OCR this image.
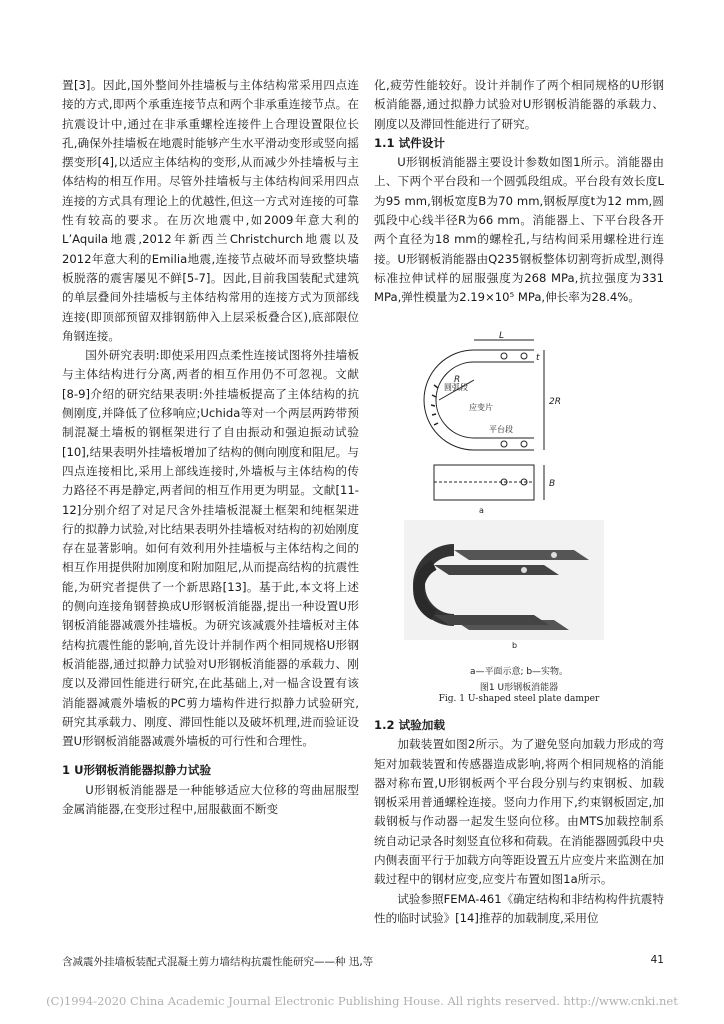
置[3]。因此,国外整间外挂墙板与主体结构常采用四点连接的方式,即两个承重连接节点和两个非承重连接节点。在抗震设计中,通过在非承重螺栓连接件上合理设置限位长孔,确保外挂墙板在地震时能够产生水平滑动变形或竖向摇摆变形[4],以适应主体结构的变形,从而减少外挂墙板与主体结构的相互作用。尽管外挂墙板与主体结构间采用四点连接的方式具有理论上的优越性,但这一方式对连接的可靠性有较高的要求。在历次地震中,如2009年意大利的L’Aquila地震,2012年新西兰Christchurch地震以及2012年意大利的Emilia地震,连接节点破坏而导致整块墙板脱落的震害屡见不鲜[5-7]。因此,目前我国装配式建筑的单层叠间外挂墙板与主体结构常用的连接方式为顶部线连接(即顶部预留双排钢筋伸入上层采板叠合区),底部限位角钢连接。

国外研究表明:即使采用四点柔性连接试图将外挂墙板与主体结构进行分离,两者的相互作用仍不可忽视。文献[8-9]介绍的研究结果表明:外挂墙板提高了主体结构的抗侧刚度,并降低了位移响应;Uchida等对一个两层两跨带预制混凝土墙板的钢框架进行了自由振动和强迫振动试验[10],结果表明外挂墙板增加了结构的侧向刚度和阻尼。与四点连接相比,采用上部线连接时,外墙板与主体结构的传力路径不再是静定,两者间的相互作用更为明显。文献[11-12]分别介绍了对足尺含外挂墙板混凝土框架和纯框架进行的拟静力试验,对比结果表明外挂墙板对结构的初始刚度存在显著影响。如何有效利用外挂墙板与主体结构之间的相互作用提供附加刚度和附加阻尼,从而提高结构的抗震性能,为研究者提供了一个新思路[13]。基于此,本文将上述的侧向连接角钢替换成U形钢板消能器,提出一种设置U形钢板消能器减震外挂墙板。为研究该减震外挂墙板对主体结构抗震性能的影响,首先设计并制作两个相同规格U形钢板消能器,通过拟静力试验对U形钢板消能器的承载力、刚度以及滞回性能进行研究,在此基础上,对一榀含设置有该消能器减震外墙板的PC剪力墙构件进行拟静力试验研究,研究其承载力、刚度、滞回性能以及破坏机理,进而验证设置U形钢板消能器减震外墙板的可行性和合理性。

1 U形钢板消能器拟静力试验

U形钢板消能器是一种能够适应大位移的弯曲屈服型金属消能器,在变形过程中,屈服截面不断变

化,疲劳性能较好。设计并制作了两个相同规格的U形钢板消能器,通过拟静力试验对U形钢板消能器的承载力、刚度以及滞回性能进行了研究。

1.1 试件设计

U形钢板消能器主要设计参数如图1所示。消能器由上、下两个平台段和一个圆弧段组成。平台段有效长度L为95 mm,钢板宽度B为70 mm,钢板厚度t为12 mm,圆弧段中心线半径R为66 mm。消能器上、下平台段各开两个直径为18 mm的螺栓孔,与结构间采用螺栓进行连接。U形钢板消能器由Q235钢板整体切割弯折成型,测得标准拉伸试样的屈服强度为268 MPa,抗拉强度为331 MPa,弹性模量为2.19×10⁵ MPa,伸长率为28.4%。

L
2R
R
t
B
圆弧段
应变片
平台段
a
b
a—平面示意; b—实物。
图1 U形钢板消能器
Fig. 1 U-shaped steel plate damper

1.2 试验加载

加载装置如图2所示。为了避免竖向加载力形成的弯矩对加载装置和传感器造成影响,将两个相同规格的消能器对称布置,U形钢板两个平台段分别与约束钢板、加载钢板采用普通螺栓连接。竖向力作用下,约束钢板固定,加载钢板与作动器一起发生竖向位移。由MTS加载控制系统自动记录各时刻竖直位移和荷载。在消能器圆弧段中央内侧表面平行于加载方向等距设置五片应变片来监测在加载过程中的钢材应变,应变片布置如图1a所示。

试验参照FEMA-461《确定结构和非结构构件抗震特性的临时试验》[14]推荐的加载制度,采用位

含减震外挂墙板装配式混凝土剪力墙结构抗震性能研究——种 迅,等	41
(C)1994-2020 China Academic Journal Electronic Publishing House. All rights reserved. http://www.cnki.net
